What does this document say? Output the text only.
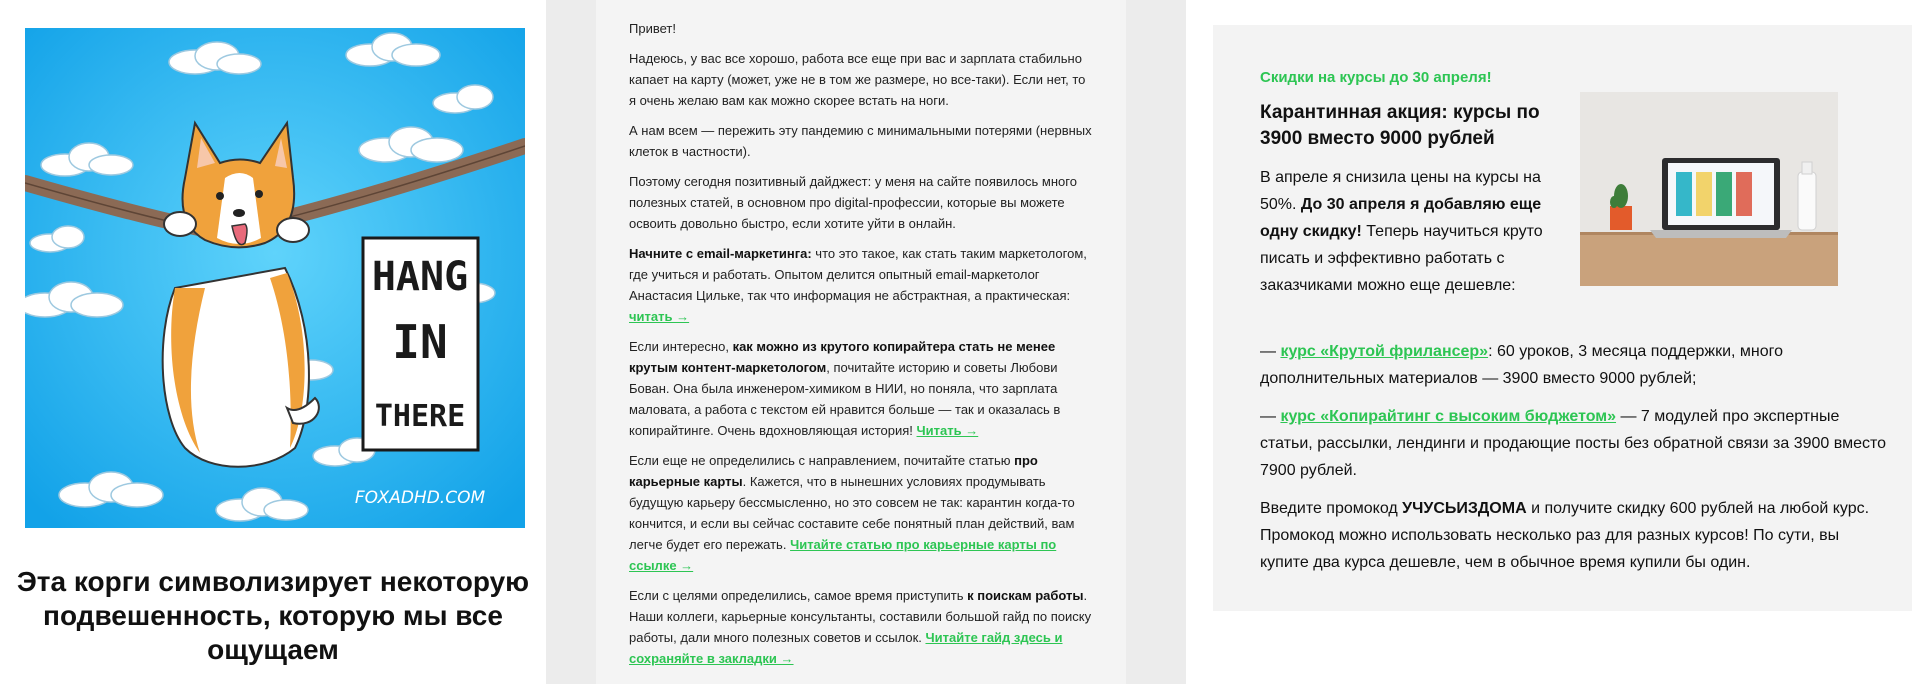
HANG
IN
THERE
FOXADHD.COM
Эта корги символизирует некоторую подвешенность, которую мы все ощущаем

Привет!

Надеюсь, у вас все хорошо, работа все еще при вас и зарплата стабильно капает на карту (может, уже не в том же размере, но все-таки). Если нет, то я очень желаю вам как можно скорее встать на ноги.

А нам всем — пережить эту пандемию с минимальными потерями (нервных клеток в частности).

Поэтому сегодня позитивный дайджест: у меня на сайте появилось много полезных статей, в основном про digital-профессии, которые вы можете освоить довольно быстро, если хотите уйти в онлайн.

Начните с email-маркетинга: что это такое, как стать таким маркетологом, где учиться и работать. Опытом делится опытный email-маркетолог Анастасия Цильке, так что информация не абстрактная, а практическая: читать →

Если интересно, как можно из крутого копирайтера стать не менее крутым контент-маркетологом, почитайте историю и советы Любови Бован. Она была инженером-химиком в НИИ, но поняла, что зарплата маловата, а работа с текстом ей нравится больше — так и оказалась в копирайтинге. Очень вдохновляющая история! Читать →

Если еще не определились с направлением, почитайте статью про карьерные карты. Кажется, что в нынешних условиях продумывать будущую карьеру бессмысленно, но это совсем не так: карантин когда-то кончится, и если вы сейчас составите себе понятный план действий, вам легче будет его пережать. Читайте статью про карьерные карты по ссылке →

Если с целями определились, самое время приступить к поискам работы. Наши коллеги, карьерные консультанты, составили большой гайд по поиску работы, дали много полезных советов и ссылок. Читайте гайд здесь и сохраняйте в закладки →

Скидки на курсы до 30 апреля!
Карантинная акция: курсы по 3900 вместо 9000 рублей

В апреле я снизила цены на курсы на 50%. До 30 апреля я добавляю еще одну скидку! Теперь научиться круто писать и эффективно работать с заказчиками можно еще дешевле:

— курс «Крутой фрилансер»: 60 уроков, 3 месяца поддержки, много дополнительных материалов — 3900 вместо 9000 рублей;

— курс «Копирайтинг с высоким бюджетом» — 7 модулей про экспертные статьи, рассылки, лендинги и продающие посты без обратной связи за 3900 вместо 7900 рублей.

Введите промокод УЧУСЬИЗДОМА и получите скидку 600 рублей на любой курс. Промокод можно использовать несколько раз для разных курсов! По сути, вы купите два курса дешевле, чем в обычное время купили бы один.
